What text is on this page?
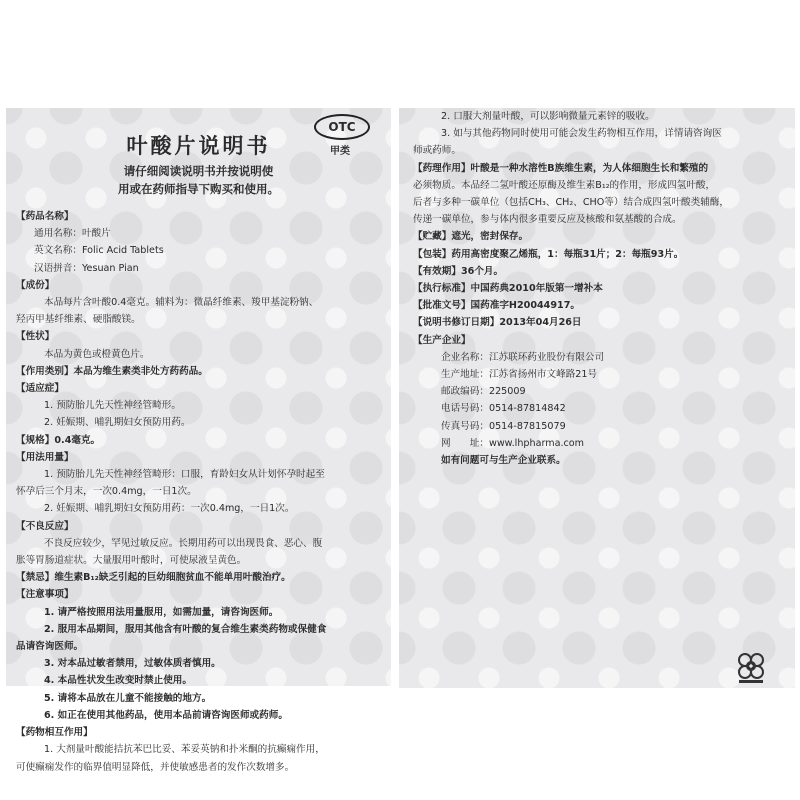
OTC
甲类
叶酸片说明书
请仔细阅读说明书并按说明使
用或在药师指导下购买和使用。
【药品名称】
通用名称：叶酸片
英文名称：Folic Acid Tablets
汉语拼音：Yesuan Pian
【成份】
本品每片含叶酸0.4毫克。辅料为：微晶纤维素、羧甲基淀粉钠、
羟丙甲基纤维素、硬脂酸镁。
【性状】
本品为黄色或橙黄色片。
【作用类别】本品为维生素类非处方药药品。
【适应症】
1. 预防胎儿先天性神经管畸形。
2. 妊娠期、哺乳期妇女预防用药。
【规格】0.4毫克。
【用法用量】
1. 预防胎儿先天性神经管畸形：口服，育龄妇女从计划怀孕时起至
怀孕后三个月末，一次0.4mg，一日1次。
2. 妊娠期、哺乳期妇女预防用药：一次0.4mg，一日1次。
【不良反应】
不良反应较少，罕见过敏反应。长期用药可以出现畏食、恶心、腹
胀等胃肠道症状。大量服用叶酸时，可使尿液呈黄色。
【禁忌】维生素B₁₂缺乏引起的巨幼细胞贫血不能单用叶酸治疗。
【注意事项】
1. 请严格按照用法用量服用，如需加量，请咨询医师。
2. 服用本品期间，服用其他含有叶酸的复合维生素类药物或保健食
品请咨询医师。
3. 对本品过敏者禁用，过敏体质者慎用。
4. 本品性状发生改变时禁止使用。
5. 请将本品放在儿童不能接触的地方。
6. 如正在使用其他药品，使用本品前请咨询医师或药师。
【药物相互作用】
1. 大剂量叶酸能拮抗苯巴比妥、苯妥英钠和扑米酮的抗癫痫作用，
可使癫痫发作的临界值明显降低，并使敏感患者的发作次数增多。
2. 口服大剂量叶酸，可以影响微量元素锌的吸收。
3. 如与其他药物同时使用可能会发生药物相互作用，详情请咨询医
师或药师。
【药理作用】叶酸是一种水溶性B族维生素，为人体细胞生长和繁殖的
必须物质。本品经二氢叶酸还原酶及维生素B₁₂的作用，形成四氢叶酸，
后者与多种一碳单位（包括CH₃、CH₂、CHO等）结合成四氢叶酸类辅酶，
传递一碳单位，参与体内很多重要反应及核酸和氨基酸的合成。
【贮藏】遮光，密封保存。
【包装】药用高密度聚乙烯瓶，1：每瓶31片；2：每瓶93片。
【有效期】36个月。
【执行标准】中国药典2010年版第一增补本
【批准文号】国药准字H20044917。
【说明书修订日期】2013年04月26日
【生产企业】
企业名称：江苏联环药业股份有限公司
生产地址：江苏省扬州市文峰路21号
邮政编码：225009
电话号码：0514-87814842
传真号码：0514-87815079
网　　址：www.lhpharma.com
如有问题可与生产企业联系。
